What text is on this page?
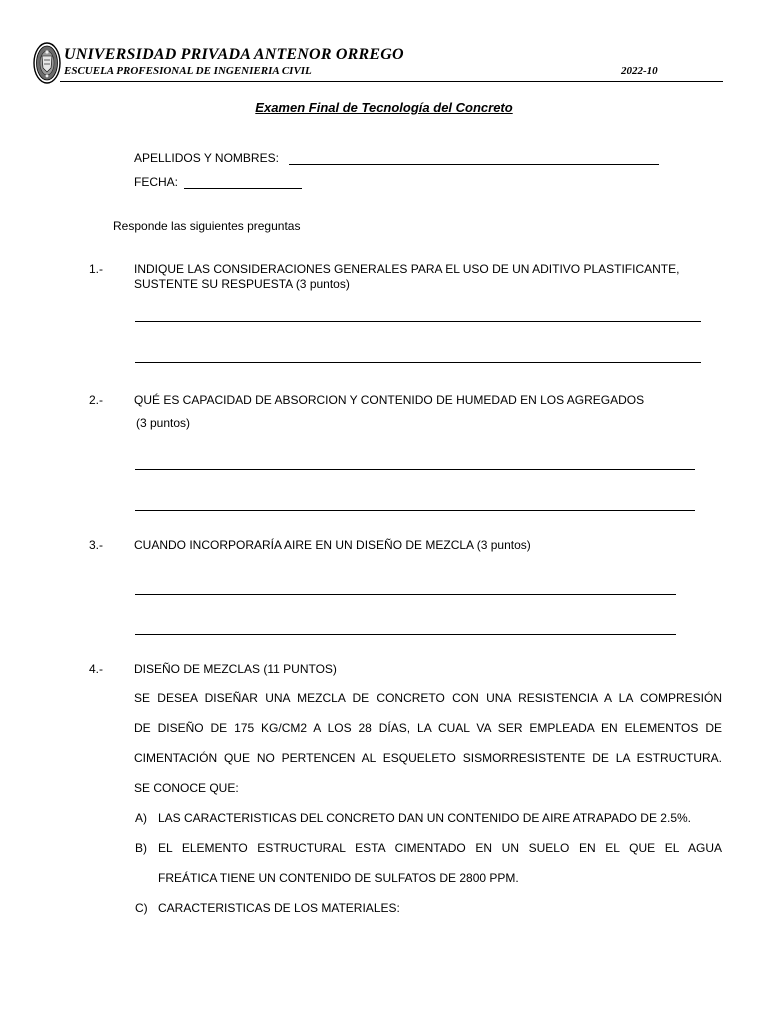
UNIVERSIDAD PRIVADA ANTENOR ORREGO
ESCUELA PROFESIONAL DE INGENIERIA CIVIL	2022-10
Examen Final de Tecnología del Concreto
APELLIDOS Y NOMBRES:
FECHA:
Responde las siguientes preguntas
1.-	INDIQUE LAS CONSIDERACIONES GENERALES PARA EL USO DE UN ADITIVO PLASTIFICANTE,
SUSTENTE SU RESPUESTA (3 puntos)
2.-	QUÉ ES CAPACIDAD DE ABSORCION Y CONTENIDO DE HUMEDAD EN LOS AGREGADOS
(3 puntos)
3.-	CUANDO INCORPORARÍA AIRE EN UN DISEÑO DE MEZCLA (3 puntos)
4.-	DISEÑO DE MEZCLAS (11 PUNTOS)
SE DESEA DISEÑAR UNA MEZCLA DE CONCRETO CON UNA RESISTENCIA A LA COMPRESIÓN
DE DISEÑO DE 175 KG/CM2 A LOS 28 DÍAS, LA CUAL VA SER EMPLEADA EN ELEMENTOS DE
CIMENTACIÓN QUE NO PERTENCEN AL ESQUELETO SISMORRESISTENTE DE LA ESTRUCTURA.
SE CONOCE QUE:
A) LAS CARACTERISTICAS DEL CONCRETO DAN UN CONTENIDO DE AIRE ATRAPADO DE 2.5%.
B) EL ELEMENTO ESTRUCTURAL ESTA CIMENTADO EN UN SUELO EN EL QUE EL AGUA
FREÁTICA TIENE UN CONTENIDO DE SULFATOS DE 2800 PPM.
C) CARACTERISTICAS DE LOS MATERIALES:
